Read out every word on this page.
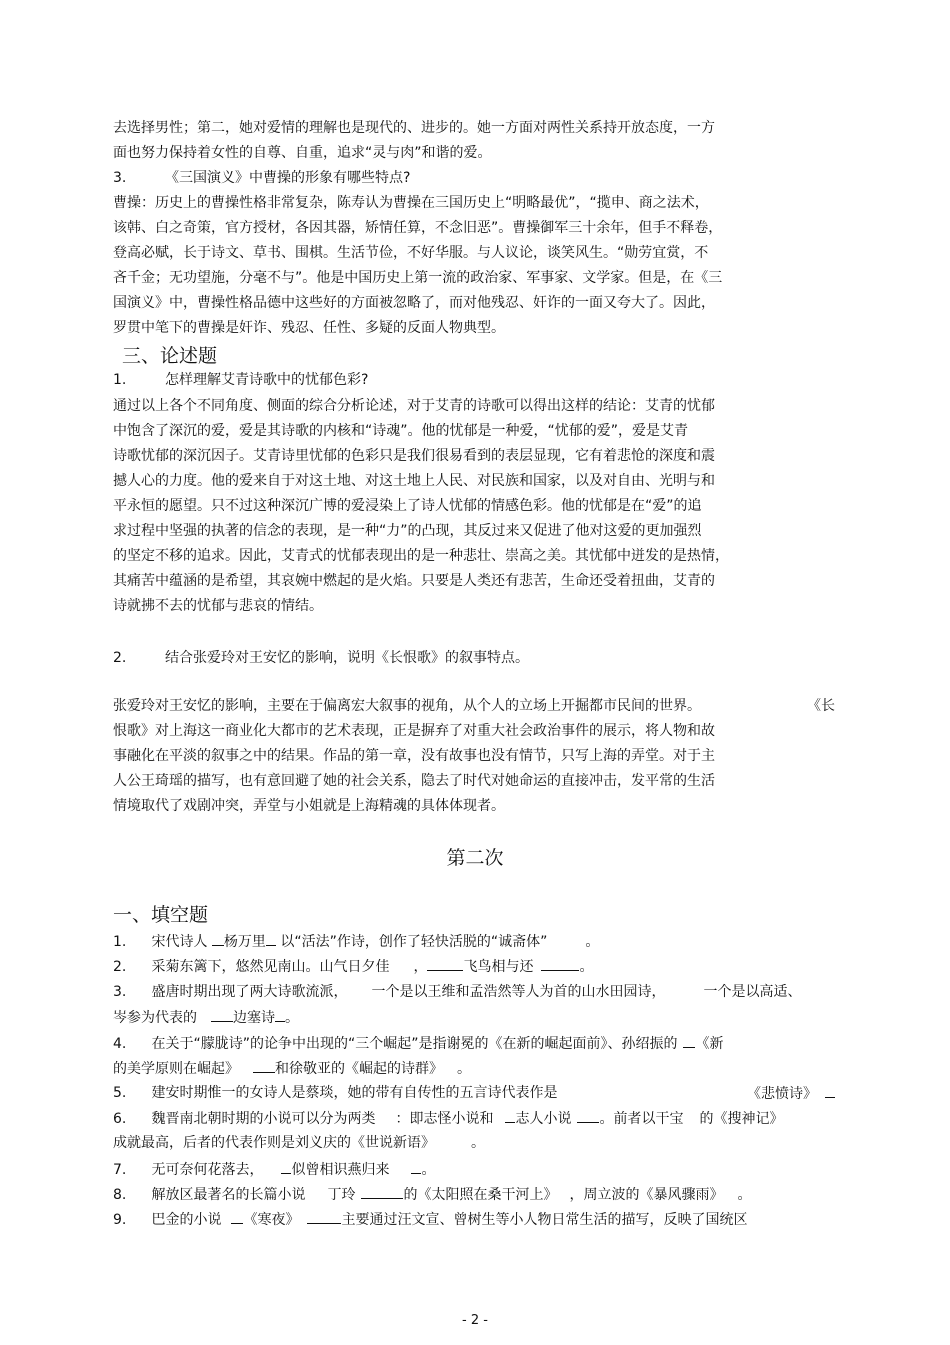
去选择男性；第二，她对爱情的理解也是现代的、进步的。她一方面对两性关系持开放态度，一方
面也努力保持着女性的自尊、自重，追求“灵与肉”和谐的爱。
3.	《三国演义》中曹操的形象有哪些特点?
曹操：历史上的曹操性格非常复杂，陈寿认为曹操在三国历史上“明略最优”，“揽申、商之法术，
该韩、白之奇策，官方授材，各因其器，矫情任算，不念旧恶”。曹操御军三十余年，但手不释卷，
登高必赋，长于诗文、草书、围棋。生活节俭，不好华服。与人议论，谈笑风生。“勋劳宜赏，不
吝千金；无功望施，分毫不与”。他是中国历史上第一流的政治家、军事家、文学家。但是，在《三
国演义》中，曹操性格品德中这些好的方面被忽略了，而对他残忍、奸诈的一面又夸大了。因此，
罗贯中笔下的曹操是奸诈、残忍、任性、多疑的反面人物典型。
三、论述题
1.	怎样理解艾青诗歌中的忧郁色彩?
通过以上各个不同角度、侧面的综合分析论述，对于艾青的诗歌可以得出这样的结论：艾青的忧郁
中饱含了深沉的爱，爱是其诗歌的内核和“诗魂”。他的忧郁是一种爱，“忧郁的爱”，爱是艾青
诗歌忧郁的深沉因子。艾青诗里忧郁的色彩只是我们很易看到的表层显现，它有着悲怆的深度和震
撼人心的力度。他的爱来自于对这土地、对这土地上人民、对民族和国家，以及对自由、光明与和
平永恒的愿望。只不过这种深沉广博的爱浸染上了诗人忧郁的情感色彩。他的忧郁是在“爱”的追
求过程中坚强的执著的信念的表现，是一种“力”的凸现，其反过来又促进了他对这爱的更加强烈
的坚定不移的追求。因此，艾青式的忧郁表现出的是一种悲壮、崇高之美。其忧郁中迸发的是热情，
其痛苦中蕴涵的是希望，其哀婉中燃起的是火焰。只要是人类还有悲苦，生命还受着扭曲，艾青的
诗就拂不去的忧郁与悲哀的情结。
2.	结合张爱玲对王安忆的影响，说明《长恨歌》的叙事特点。
张爱玲对王安忆的影响，主要在于偏离宏大叙事的视角，从个人的立场上开掘都市民间的世界。	《长
恨歌》对上海这一商业化大都市的艺术表现，正是摒弃了对重大社会政治事件的展示，将人物和故
事融化在平淡的叙事之中的结果。作品的第一章，没有故事也没有情节，只写上海的弄堂。对于主
人公王琦瑶的描写，也有意回避了她的社会关系，隐去了时代对她命运的直接冲击，发平常的生活
情境取代了戏剧冲突，弄堂与小姐就是上海精魂的具体体现者。
第二次
一、填空题
1. 宋代诗人 杨万里 以“活法”作诗，创作了轻快活脱的“诚斋体”	。
2. 采菊东篱下，悠然见南山。山气日夕佳 ，	飞鸟相与还	。
3. 盛唐时期出现了两大诗歌流派， 一个是以王维和孟浩然等人为首的山水田园诗，	一个是以高适、
岑参为代表的	边塞诗 。
4. 在关于“朦胧诗”的论争中出现的“三个崛起”是指谢冕的《在新的崛起面前》、孙绍振的 《新
的美学原则在崛起》	和徐敬亚的《崛起的诗群》 。
5. 建安时期惟一的女诗人是蔡琰，她的带有自传性的五言诗代表作是	《悲愤诗》
6. 魏晋南北朝时期的小说可以分为两类 ：即志怪小说和 志人小说 。前者以干宝 的《搜神记》
成就最高，后者的代表作则是刘义庆的《世说新语》	。
7. 无可奈何花落去， 似曾相识燕归来 。
8. 解放区最著名的长篇小说 丁玲	的《太阳照在桑干河上》 ，周立波的《暴风骤雨》 。
9. 巴金的小说 《寒夜》	主要通过汪文宣、曾树生等小人物日常生活的描写，反映了国统区
- 2 -
